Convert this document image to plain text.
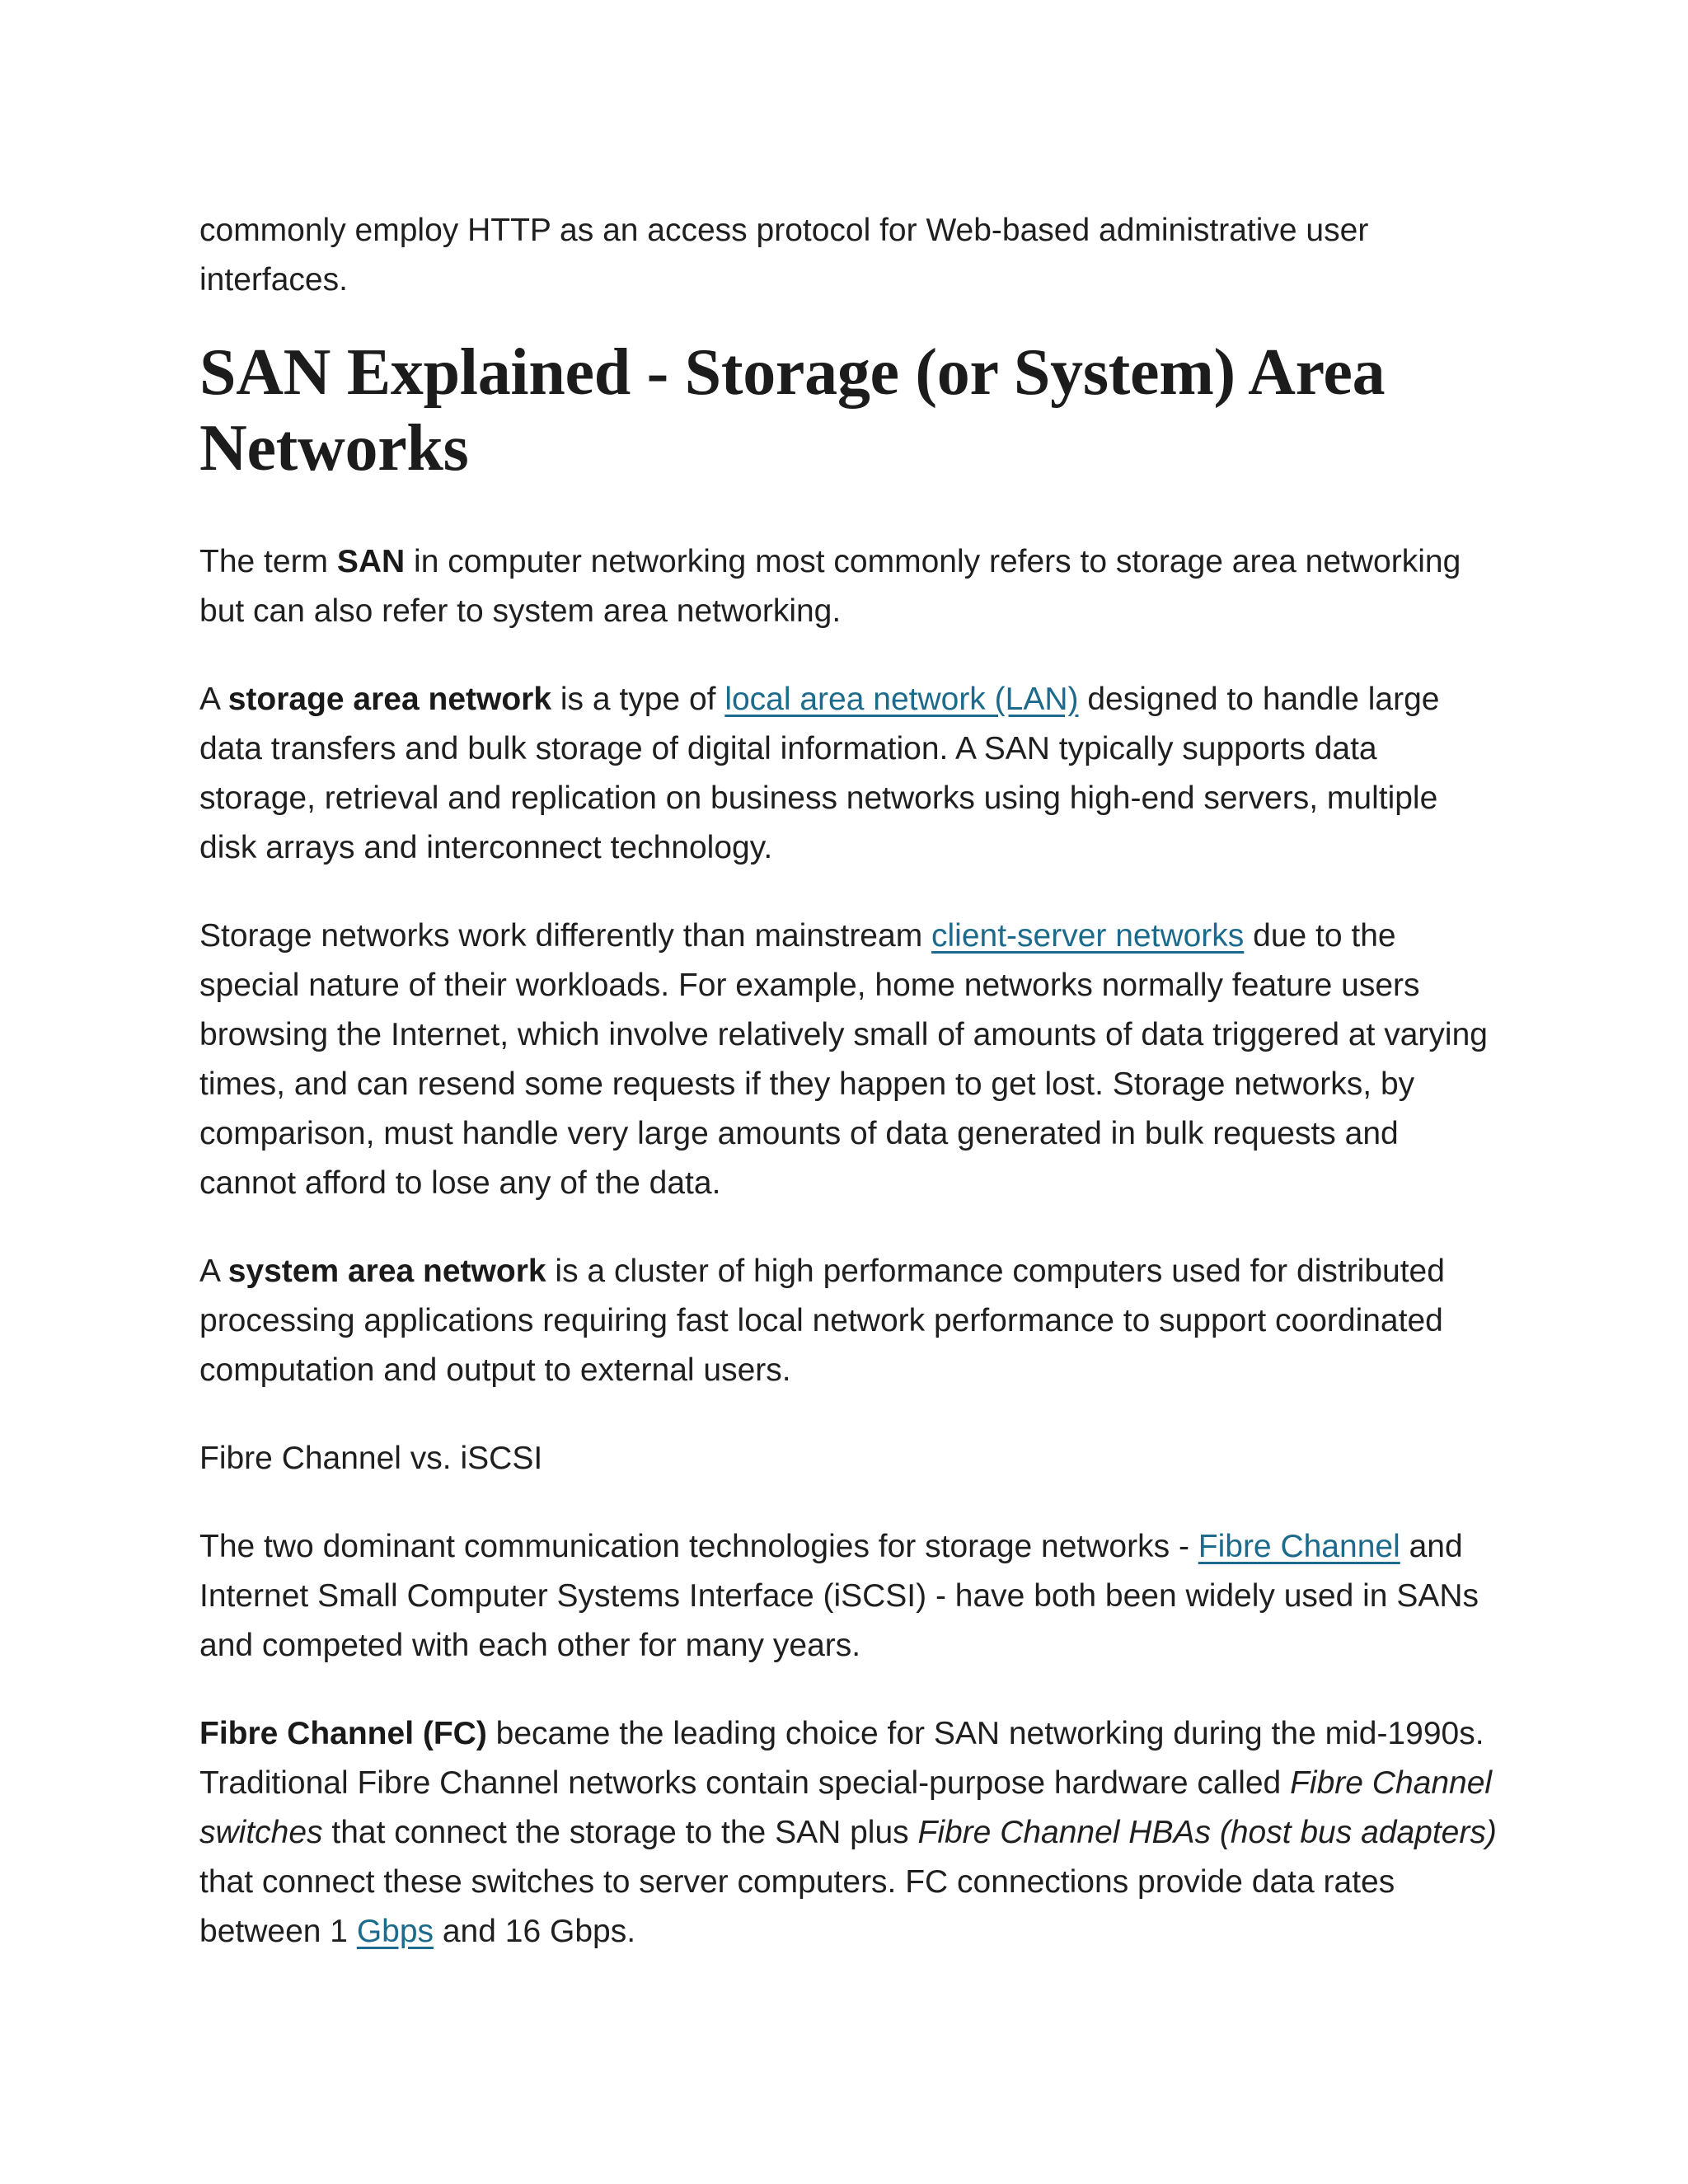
commonly employ HTTP as an access protocol for Web-based administrative user interfaces.

SAN Explained - Storage (or System) Area Networks

The term SAN in computer networking most commonly refers to storage area networking but can also refer to system area networking.

A storage area network is a type of local area network (LAN) designed to handle large data transfers and bulk storage of digital information. A SAN typically supports data storage, retrieval and replication on business networks using high-end servers, multiple disk arrays and interconnect technology.

Storage networks work differently than mainstream client-server networks due to the special nature of their workloads. For example, home networks normally feature users browsing the Internet, which involve relatively small of amounts of data triggered at varying times, and can resend some requests if they happen to get lost. Storage networks, by comparison, must handle very large amounts of data generated in bulk requests and cannot afford to lose any of the data.

A system area network is a cluster of high performance computers used for distributed processing applications requiring fast local network performance to support coordinated computation and output to external users.

Fibre Channel vs. iSCSI

The two dominant communication technologies for storage networks - Fibre Channel and Internet Small Computer Systems Interface (iSCSI) - have both been widely used in SANs and competed with each other for many years.

Fibre Channel (FC) became the leading choice for SAN networking during the mid-1990s. Traditional Fibre Channel networks contain special-purpose hardware called Fibre Channel switches that connect the storage to the SAN plus Fibre Channel HBAs (host bus adapters) that connect these switches to server computers. FC connections provide data rates between 1 Gbps and 16 Gbps.
